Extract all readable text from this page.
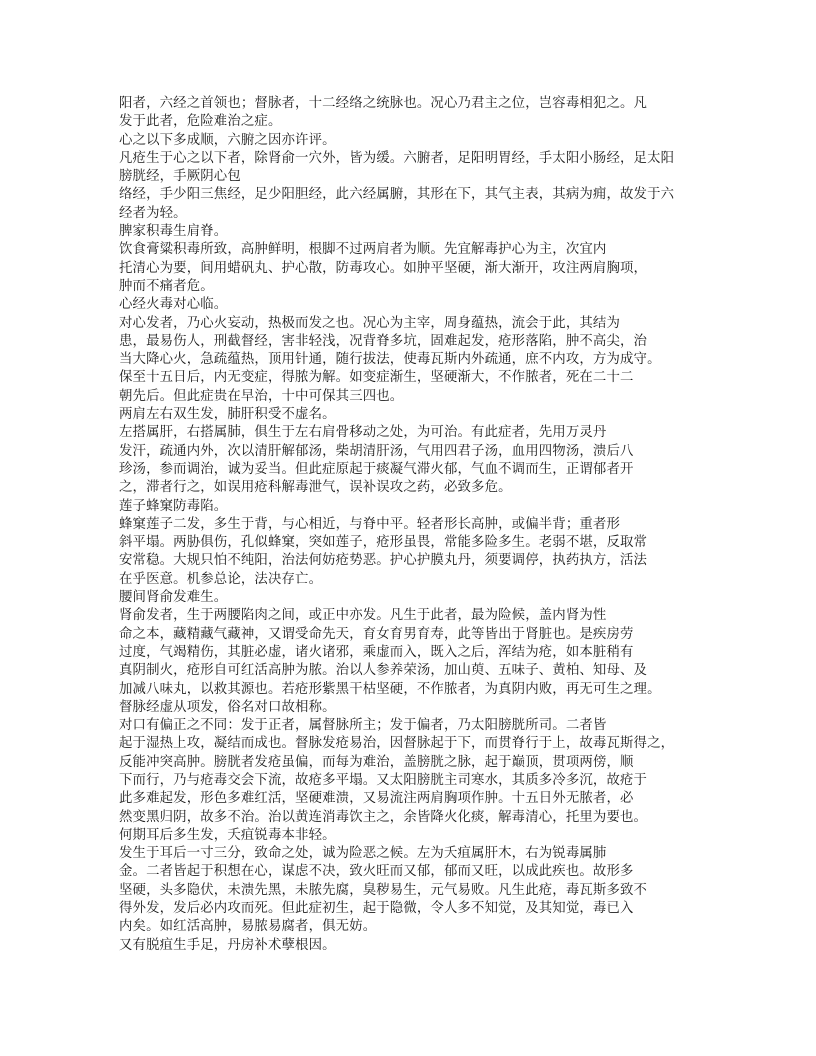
阳者，六经之首领也；督脉者，十二经络之统脉也。况心乃君主之位，岂容毒相犯之。凡
发于此者，危险难治之症。
心之以下多成顺，六腑之因亦许评。
凡疮生于心之以下者，除肾俞一穴外，皆为缓。六腑者，足阳明胃经，手太阳小肠经，足太阳
膀胱经，手厥阴心包
络经，手少阳三焦经，足少阳胆经，此六经属腑，其形在下，其气主表，其病为痈，故发于六
经者为轻。
脾家积毒生肩脊。
饮食膏粱积毒所致，高肿鲜明，根脚不过两肩者为顺。先宜解毒护心为主，次宜内
托清心为要，间用蜡矾丸、护心散，防毒攻心。如肿平坚硬，渐大渐开，攻注两肩胸项，
肿而不痛者危。
心经火毒对心临。
对心发者，乃心火妄动，热极而发之也。况心为主宰，周身蕴热，流会于此，其结为
患，最易伤人，刑截督经，害非轻浅，况背脊多坑，固难起发，疮形落陷，肿不高尖，治
当大降心火，急疏蕴热，顶用针通，随行拔法，使毒瓦斯内外疏通，庶不内攻，方为成守。
保至十五日后，内无变症，得脓为解。如变症渐生，坚硬渐大，不作脓者，死在二十二
朝先后。但此症贵在早治，十中可保其三四也。
两肩左右双生发，肺肝积受不虚名。
左搭属肝，右搭属肺，俱生于左右肩骨移动之处，为可治。有此症者，先用万灵丹
发汗，疏通内外，次以清肝解郁汤，柴胡清肝汤，气用四君子汤，血用四物汤，溃后八
珍汤，参而调治，诚为妥当。但此症原起于痰凝气滞火郁，气血不调而生，正谓郁者开
之，滞者行之，如误用疮科解毒泄气，误补误攻之药，必致多危。
莲子蜂窠防毒陷。
蜂窠莲子二发，多生于背，与心相近，与脊中平。轻者形长高肿，或偏半背；重者形
斜平塌。两胁俱伤，孔似蜂窠，突如莲子，疮形虽畏，常能多险多生。老弱不堪，反取常
安常稳。大规只怕不纯阳，治法何妨疮势恶。护心护膜丸丹，须要调停，执药执方，活法
在乎医意。机参总论，法决存亡。
腰间肾俞发难生。
肾俞发者，生于两腰陷肉之间，或正中亦发。凡生于此者，最为险候，盖内肾为性
命之本，藏精藏气藏神，又谓受命先天，育女育男育寿，此等皆出于肾脏也。是疾房劳
过度，气竭精伤，其脏必虚，诸火诸邪，乘虚而入，既入之后，浑结为疮，如本脏稍有
真阴制火，疮形自可红活高肿为脓。治以人参养荣汤，加山萸、五味子、黄柏、知母、及
加减八味丸，以救其源也。若疮形紫黑干枯坚硬，不作脓者，为真阴内败，再无可生之理。
督脉经虚从项发，俗名对口故相称。
对口有偏正之不同：发于正者，属督脉所主；发于偏者，乃太阳膀胱所司。二者皆
起于湿热上攻，凝结而成也。督脉发疮易治，因督脉起于下，而贯脊行于上，故毒瓦斯得之，
反能冲突高肿。膀胱者发疮虽偏，而每为难治，盖膀胱之脉，起于巅顶，贯项两傍，顺
下而行，乃与疮毒交会下流，故疮多平塌。又太阳膀胱主司寒水，其质多冷多沉，故疮于
此多难起发，形色多难红活，坚硬难溃，又易流注两肩胸项作肿。十五日外无脓者，必
然变黑归阴，故多不治。治以黄连消毒饮主之，余皆降火化痰，解毒清心，托里为要也。
何期耳后多生发，夭疽锐毒本非轻。
发生于耳后一寸三分，致命之处，诚为险恶之候。左为夭疽属肝木，右为锐毒属肺
金。二者皆起于积想在心，谋虑不决，致火旺而又郁，郁而又旺，以成此疾也。故形多
坚硬，头多隐伏，未溃先黑，未脓先腐，臭秽易生，元气易败。凡生此疮，毒瓦斯多致不
得外发，发后必内攻而死。但此症初生，起于隐微，令人多不知觉，及其知觉，毒已入
内矣。如红活高肿，易脓易腐者，俱无妨。
又有脱疽生手足，丹房补术孽根因。
